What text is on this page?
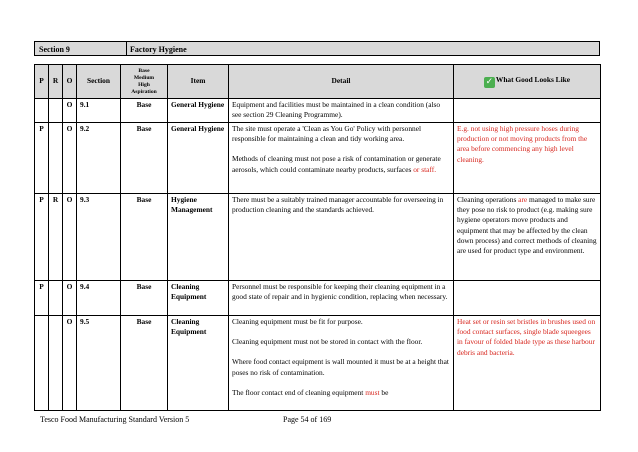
Section 9	Factory Hygiene
P	R	O	Section	Base
Medium
High
Aspiration	Item	Detail	✓ What Good Looks Like
		O	9.1	Base	General Hygiene	Equipment and facilities must be maintained in a clean condition (also see section 29 Cleaning Programme).	

P		O	9.2	Base	General Hygiene	The site must operate a 'Clean as You Go' Policy with personnel responsible for maintaining a clean and tidy working area.

Methods of cleaning must not pose a risk of contamination or generate aerosols, which could contaminate nearby products, surfaces or staff.	E.g. not using high pressure hoses during production or not moving products from the area before commencing any high level cleaning.
P	R	O	9.3	Base	Hygiene Management	There must be a suitably trained manager accountable for overseeing in production cleaning and the standards achieved.	Cleaning operations are managed to make sure they pose no risk to product (e.g. making sure hygiene operators move products and equipment that may be affected by the clean down process) and correct methods of cleaning are used for product type and environment.
P		O	9.4	Base	Cleaning Equipment	Personnel must be responsible for keeping their cleaning equipment in a good state of repair and in hygienic condition, replacing when necessary.	

		O	9.5	Base	Cleaning Equipment	Cleaning equipment must be fit for purpose.

Cleaning equipment must not be stored in contact with the floor.

Where food contact equipment is wall mounted it must be at a height that poses no risk of contamination.

The floor contact end of cleaning equipment must be	Heat set or resin set bristles in brushes used on food contact surfaces, single blade squeegees in favour of folded blade type as these harbour debris and bacteria.
Tesco Food Manufacturing Standard Version 5	Page 54 of 169
